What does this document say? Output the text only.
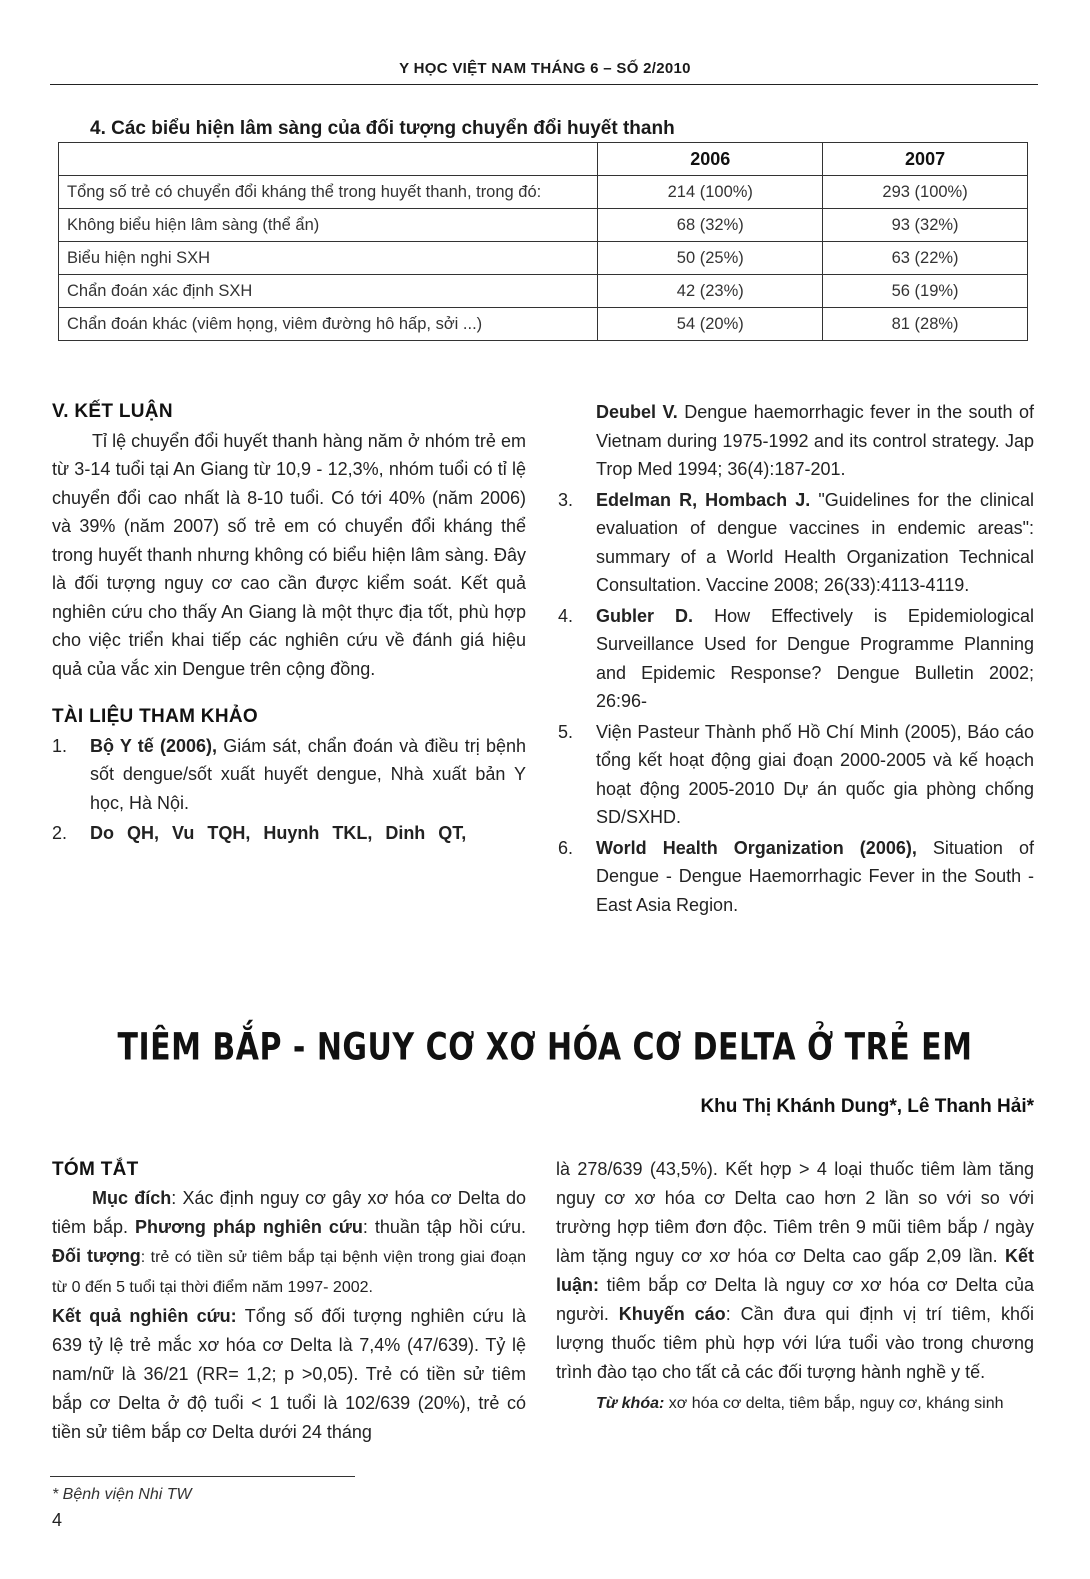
Y HỌC VIỆT NAM THÁNG 6 – SỐ 2/2010
4. Các biểu hiện lâm sàng của đối tượng chuyển đổi huyết thanh
	2006	2007
Tổng số trẻ có chuyển đổi kháng thể trong huyết thanh, trong đó:	214 (100%)	293 (100%)
Không biểu hiện lâm sàng (thể ẩn)	68 (32%)	93 (32%)
Biểu hiện nghi SXH	50 (25%)	63 (22%)
Chẩn đoán xác định SXH	42 (23%)	56 (19%)
Chẩn đoán khác (viêm họng, viêm đường hô hấp, sởi ...)	54 (20%)	81 (28%)
V. KẾT LUẬN
Tỉ lệ chuyển đổi huyết thanh hàng năm ở nhóm trẻ em từ 3-14 tuổi tại An Giang từ 10,9 - 12,3%, nhóm tuổi có tỉ lệ chuyển đổi cao nhất là 8-10 tuổi. Có tới 40% (năm 2006) và 39% (năm 2007) số trẻ em có chuyển đổi kháng thể trong huyết thanh nhưng không có biểu hiện lâm sàng. Đây là đối tượng nguy cơ cao cần được kiểm soát. Kết quả nghiên cứu cho thấy An Giang là một thực địa tốt, phù hợp cho việc triển khai tiếp các nghiên cứu về đánh giá hiệu quả của vắc xin Dengue trên cộng đồng.
TÀI LIỆU THAM KHẢO
1.	Bộ Y tế (2006), Giám sát, chẩn đoán và điều trị bệnh sốt dengue/sốt xuất huyết dengue, Nhà xuất bản Y học, Hà Nội.
2.	Do QH, Vu TQH, Huynh TKL, Dinh QT,
Deubel V. Dengue haemorrhagic fever in the south of Vietnam during 1975-1992 and its control strategy. Jap Trop Med 1994; 36(4):187-201.
3.	Edelman R, Hombach J. "Guidelines for the clinical evaluation of dengue vaccines in endemic areas": summary of a World Health Organization Technical Consultation. Vaccine 2008; 26(33):4113-4119.
4.	Gubler D. How Effectively is Epidemiological Surveillance Used for Dengue Programme Planning and Epidemic Response? Dengue Bulletin 2002; 26:96-
5.	Viện Pasteur Thành phố Hồ Chí Minh (2005), Báo cáo tổng kết hoạt động giai đoạn 2000-2005 và kế hoạch hoạt động 2005-2010 Dự án quốc gia phòng chống SD/SXHD.
6.	World Health Organization (2006), Situation of Dengue - Dengue Haemorrhagic Fever in the South - East Asia Region.
TIÊM BẮP - NGUY CƠ XƠ HÓA CƠ DELTA Ở TRẺ EM
Khu Thị Khánh Dung*, Lê Thanh Hải*
TÓM TẮT
Mục đích: Xác định nguy cơ gây xơ hóa cơ Delta do tiêm bắp. Phương pháp nghiên cứu: thuần tập hồi cứu. Đối tượng: trẻ có tiền sử tiêm bắp tại bệnh viện trong giai đoạn từ 0 đến 5 tuổi tại thời điểm năm 1997- 2002.
Kết quả nghiên cứu: Tổng số đối tượng nghiên cứu là 639 tỷ lệ trẻ mắc xơ hóa cơ Delta là 7,4% (47/639). Tỷ lệ nam/nữ là 36/21 (RR= 1,2; p >0,05). Trẻ có tiền sử tiêm bắp cơ Delta ở độ tuổi < 1 tuổi là 102/639 (20%), trẻ có tiền sử tiêm bắp cơ Delta dưới 24 tháng
là 278/639 (43,5%). Kết hợp > 4 loại thuốc tiêm làm tăng nguy cơ xơ hóa cơ Delta cao hơn 2 lần so với so với trường hợp tiêm đơn độc. Tiêm trên 9 mũi tiêm bắp / ngày làm tặng nguy cơ xơ hóa cơ Delta cao gấp 2,09 lần. Kết luận: tiêm bắp cơ Delta là nguy cơ xơ hóa cơ Delta của người. Khuyến cáo: Cần đưa qui định vị trí tiêm, khối lượng thuốc tiêm phù hợp với lứa tuổi vào trong chương trình đào tạo cho tất cả các đối tượng hành nghề y tế.
Từ khóa: xơ hóa cơ delta, tiêm bắp, nguy cơ, kháng sinh
* Bệnh viện Nhi TW
4
